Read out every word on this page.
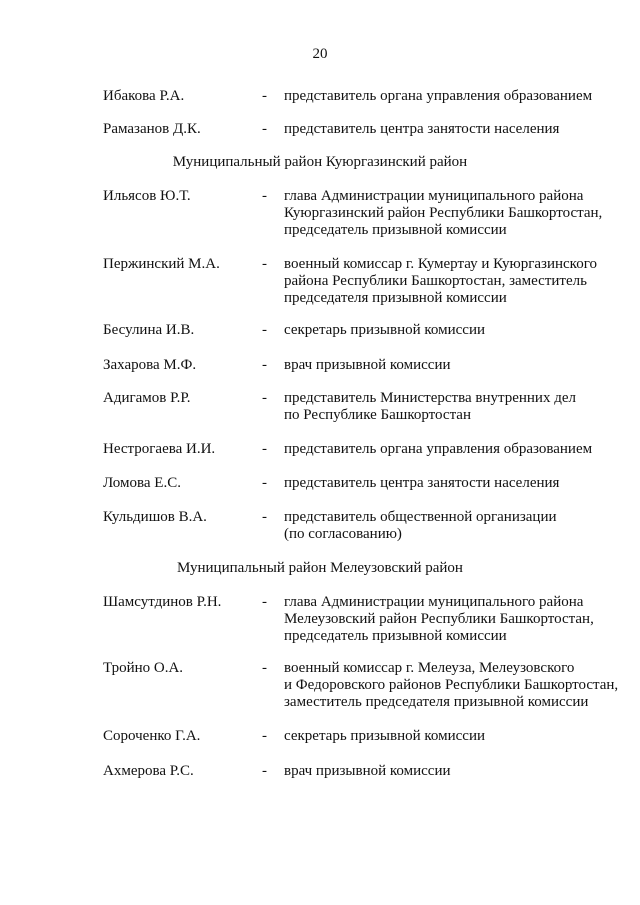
20
Ибакова Р.А.	- представитель органа управления образованием
Рамазанов Д.К.	- представитель центра занятости населения
Муниципальный район Куюргазинский район
Ильясов Ю.Т.	- глава Администрации муниципального района
Куюргазинский район Республики Башкортостан,
председатель призывной комиссии
Пержинский М.А.	- военный комиссар г. Кумертау и Куюргазинского
района Республики Башкортостан, заместитель
председателя призывной комиссии
Бесулина И.В.	- секретарь призывной комиссии
Захарова М.Ф.	- врач призывной комиссии
Адигамов Р.Р.	- представитель Министерства внутренних дел
по Республике Башкортостан
Нестрогаева И.И.	- представитель органа управления образованием
Ломова Е.С.	- представитель центра занятости населения
Кульдишов В.А.	- представитель общественной организации
(по согласованию)
Муниципальный район Мелеузовский район
Шамсутдинов Р.Н.	- глава Администрации муниципального района
Мелеузовский район Республики Башкортостан,
председатель призывной комиссии
Тройно О.А.	- военный комиссар г. Мелеуза, Мелеузовского
и Федоровского районов Республики Башкортостан,
заместитель председателя призывной комиссии
Сороченко Г.А.	- секретарь призывной комиссии
Ахмерова Р.С.	- врач призывной комиссии
